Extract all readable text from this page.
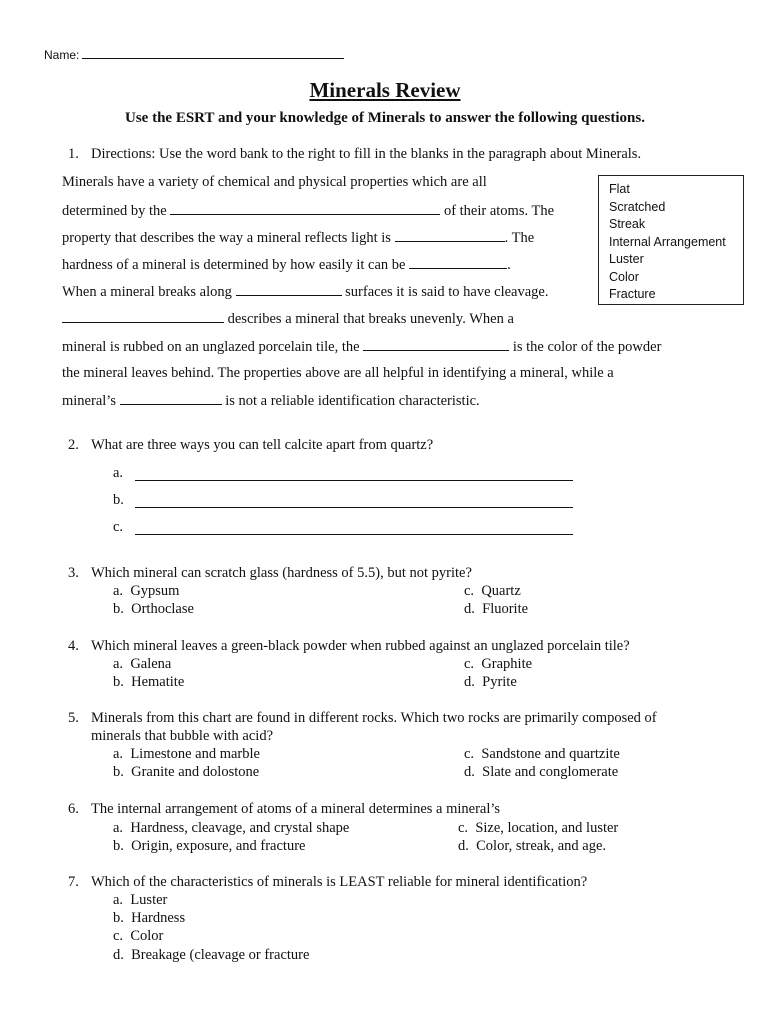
Name:
Minerals Review
Use the ESRT and your knowledge of Minerals to answer the following questions.
1. Directions: Use the word bank to the right to fill in the blanks in the paragraph about Minerals.
Flat
Scratched
Streak
Internal Arrangement
Luster
Color
Fracture
Minerals have a variety of chemical and physical properties which are all
determined by the	of their atoms. The
property that describes the way a mineral reflects light is	. The
hardness of a mineral is determined by how easily it can be	.
When a mineral breaks along	surfaces it is said to have cleavage.
describes a mineral that breaks unevenly. When a
mineral is rubbed on an unglazed porcelain tile, the	is the color of the powder
the mineral leaves behind. The properties above are all helpful in identifying a mineral, while a
mineral’s	is not a reliable identification characteristic.
2. What are three ways you can tell calcite apart from quartz?
a.
b.
c.
3. Which mineral can scratch glass (hardness of 5.5), but not pyrite?
a. Gypsum
b. Orthoclase
c. Quartz
d. Fluorite
4. Which mineral leaves a green-black powder when rubbed against an unglazed porcelain tile?
a. Galena
b. Hematite
c. Graphite
d. Pyrite
5. Minerals from this chart are found in different rocks. Which two rocks are primarily composed of
minerals that bubble with acid?
a. Limestone and marble
b. Granite and dolostone
c. Sandstone and quartzite
d. Slate and conglomerate
6. The internal arrangement of atoms of a mineral determines a mineral’s
a. Hardness, cleavage, and crystal shape
b. Origin, exposure, and fracture
c. Size, location, and luster
d. Color, streak, and age.
7. Which of the characteristics of minerals is LEAST reliable for mineral identification?
a. Luster
b. Hardness
c. Color
d. Breakage (cleavage or fracture
